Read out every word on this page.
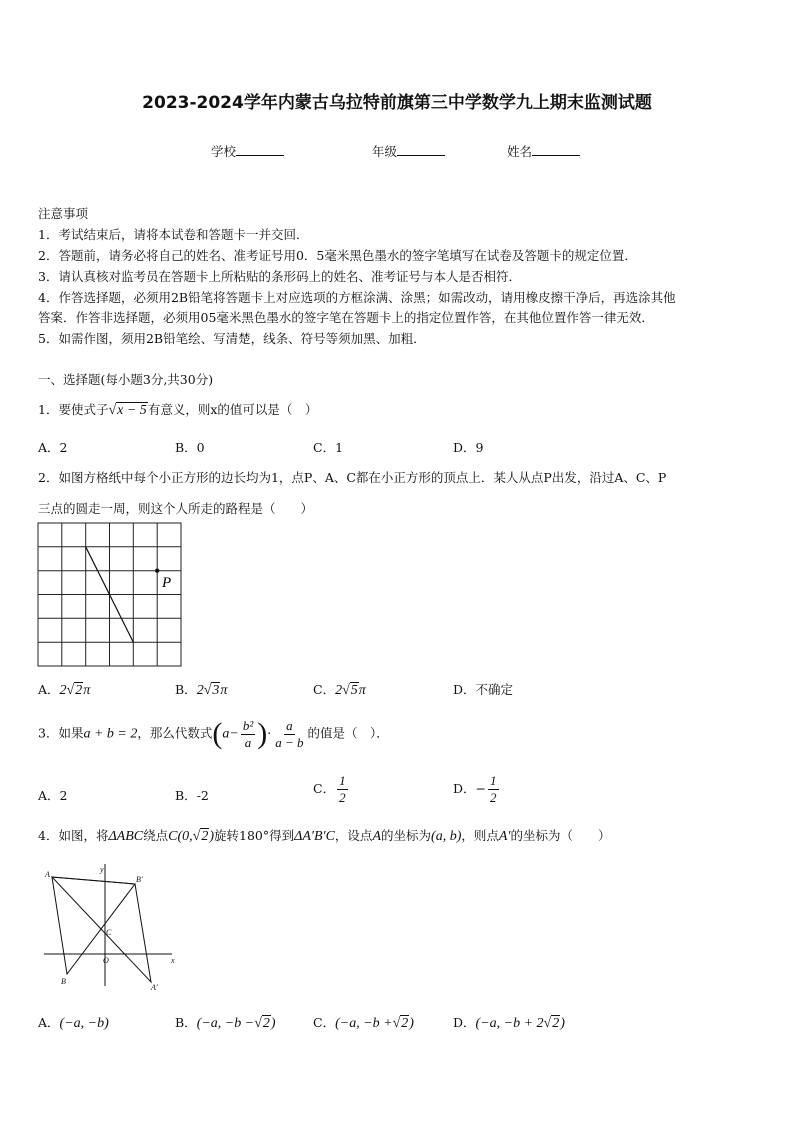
2023-2024学年内蒙古乌拉特前旗第三中学数学九上期末监测试题
学校	年级	姓名
注意事项
1．考试结束后，请将本试卷和答题卡一并交回．
2．答题前，请务必将自己的姓名、准考证号用0．5毫米黑色墨水的签字笔填写在试卷及答题卡的规定位置．
3．请认真核对监考员在答题卡上所粘贴的条形码上的姓名、准考证号与本人是否相符．
4．作答选择题，必须用2B铅笔将答题卡上对应选项的方框涂满、涂黑；如需改动，请用橡皮擦干净后，再选涂其他
答案．作答非选择题，必须用05毫米黑色墨水的签字笔在答题卡上的指定位置作答，在其他位置作答一律无效．
5．如需作图，须用2B铅笔绘、写清楚，线条、符号等须加黑、加粗．
一、选择题(每小题3分,共30分)
1．要使式子√x − 5有意义，则x的值可以是（　）
A．2	B．0	C．1	D．9
2．如图方格纸中每个小正方形的边长均为1，点P、A、C都在小正方形的顶点上．某人从点P出发，沿过A、C、P
三点的圆走一周，则这个人所走的路程是（　　）
P
A．2√2π	B．2√3π	C．2√5π	D．不确定
3．如果a + b = 2，那么代数式($a- \frac{\text{b²}}{a}$ )· $\frac{a}{a - b}$ 的值是（　）．
A．2	B．-2	C． $\frac{1}{2}$	D．− $\frac{1}{2}$
4．如图，将ΔABC绕点C(0,√2)旋转180°得到ΔA′B′C，设点A的坐标为(a, b)，则点A′的坐标为（　　）
A
B
C
O	x
y
A′
B′
A．(−a, −b)	B．(−a, −b −√2)	C．(−a, −b +√2)	D．(−a, −b + 2√2)
